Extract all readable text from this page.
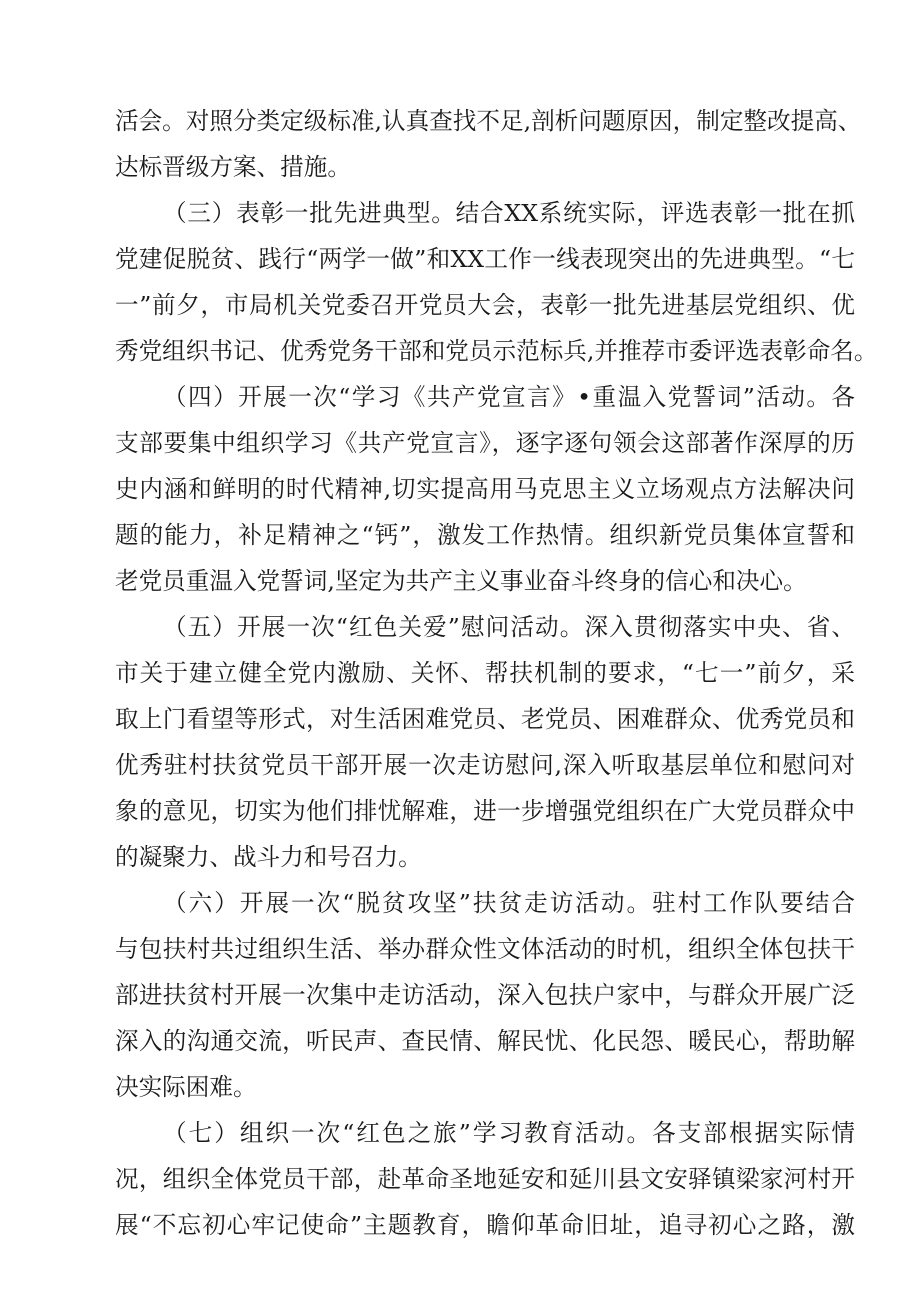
活会。对照分类定级标准,认真查找不足,剖析问题原因，制定整改提高、
达标晋级方案、措施。
（三）表彰一批先进典型。结合XX系统实际，评选表彰一批在抓
党建促脱贫、践行“两学一做”和XX工作一线表现突出的先进典型。“七
一”前夕，市局机关党委召开党员大会，表彰一批先进基层党组织、优
秀党组织书记、优秀党务干部和党员示范标兵,并推荐市委评选表彰命名。
（四）开展一次“学习《共产党宣言》•重温入党誓词”活动。各
支部要集中组织学习《共产党宣言》，逐字逐句领会这部著作深厚的历
史内涵和鲜明的时代精神,切实提高用马克思主义立场观点方法解决问
题的能力，补足精神之“钙”，激发工作热情。组织新党员集体宣誓和
老党员重温入党誓词,坚定为共产主义事业奋斗终身的信心和决心。
（五）开展一次“红色关爱”慰问活动。深入贯彻落实中央、省、
市关于建立健全党内激励、关怀、帮扶机制的要求，“七一”前夕，采
取上门看望等形式，对生活困难党员、老党员、困难群众、优秀党员和
优秀驻村扶贫党员干部开展一次走访慰问,深入听取基层单位和慰问对
象的意见，切实为他们排忧解难，进一步增强党组织在广大党员群众中
的凝聚力、战斗力和号召力。
（六）开展一次“脱贫攻坚”扶贫走访活动。驻村工作队要结合
与包扶村共过组织生活、举办群众性文体活动的时机，组织全体包扶干
部进扶贫村开展一次集中走访活动，深入包扶户家中，与群众开展广泛
深入的沟通交流，听民声、查民情、解民忧、化民怨、暖民心，帮助解
决实际困难。
（七）组织一次“红色之旅”学习教育活动。各支部根据实际情
况，组织全体党员干部，赴革命圣地延安和延川县文安驿镇梁家河村开
展“不忘初心牢记使命”主题教育，瞻仰革命旧址，追寻初心之路，激
